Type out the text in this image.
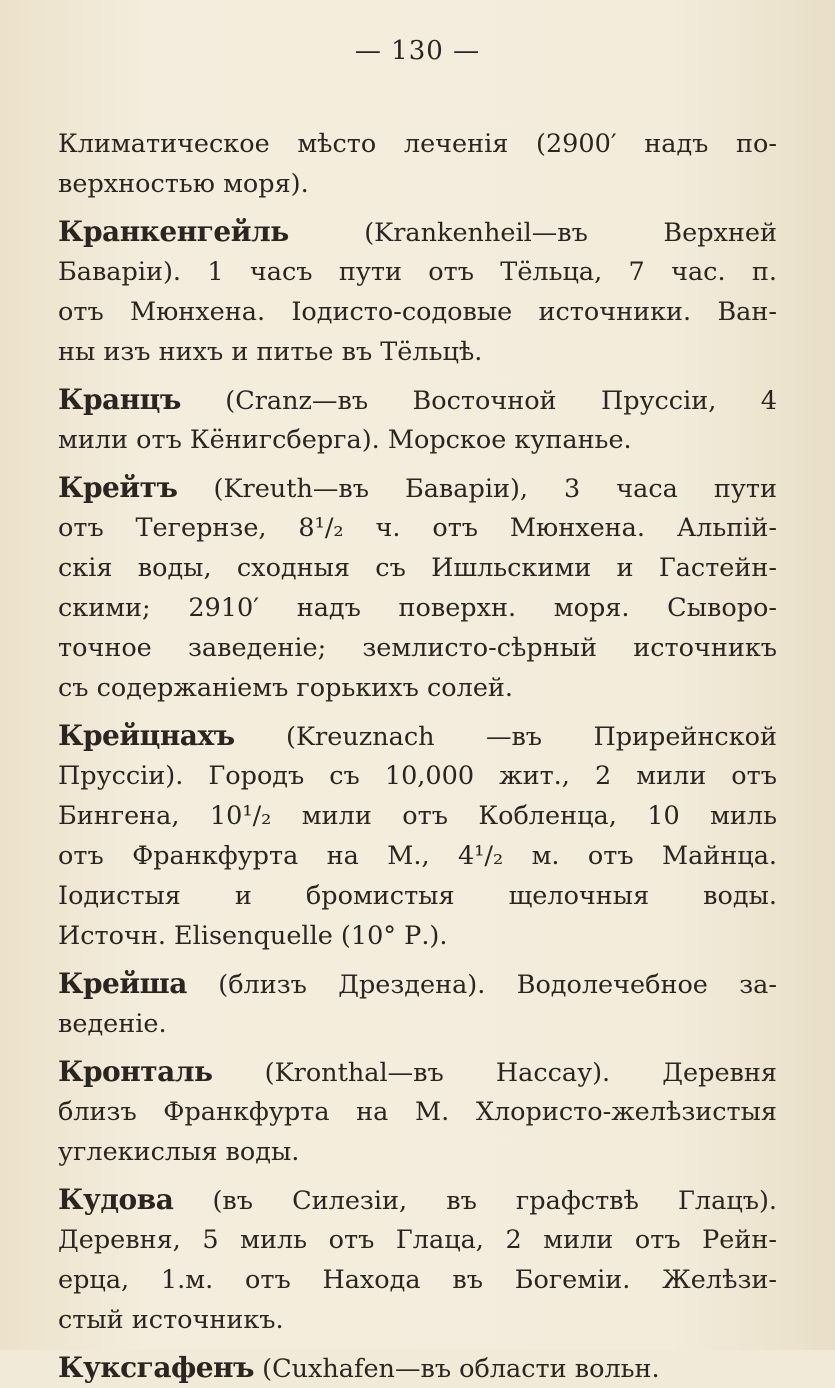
— 130 —
Климатическое мѣсто леченія (2900′ надъ по-
верхностью моря).
Кранкенгейль (Krankenheil—въ Верхней
Баваріи). 1 часъ пути отъ Тёльца, 7 час. п.
отъ Мюнхена. Іодисто-содовые источники. Ван-
ны изъ нихъ и питье въ Тёльцѣ.
Кранцъ (Cranz—въ Восточной Пруссіи, 4
мили отъ Кёнигсберга). Морское купанье.
Крейтъ (Kreuth—въ Баваріи), 3 часа пути
отъ Тегернзе, 8¹/₂ ч. отъ Мюнхена. Альпій-
скія воды, сходныя съ Ишльскими и Гастейн-
скими; 2910′ надъ поверхн. моря. Сыворо-
точное заведеніе; землисто-сѣрный источникъ
съ содержаніемъ горькихъ солей.
Крейцнахъ (Kreuznach —въ Прирейнской
Пруссіи). Городъ съ 10,000 жит., 2 мили отъ
Бингена, 10¹/₂ мили отъ Кобленца, 10 миль
отъ Франкфурта на М., 4¹/₂ м. отъ Майнца.
Іодистыя и бромистыя щелочныя воды.
Источн. Elisenquelle (10° Р.).
Крейша (близъ Дрездена). Водолечебное за-
веденіе.
Кронталь (Kronthal—въ Нассау). Деревня
близъ Франкфурта на М. Хлористо-желѣзистыя
углекислыя воды.
Кудова (въ Силезіи, въ графствѣ Глацъ).
Деревня, 5 миль отъ Глаца, 2 мили отъ Рейн-
ерца, 1.м. отъ Находа въ Богеміи. Желѣзи-
стый источникъ.
Куксгафенъ (Cuxhafen—въ области вольн.
